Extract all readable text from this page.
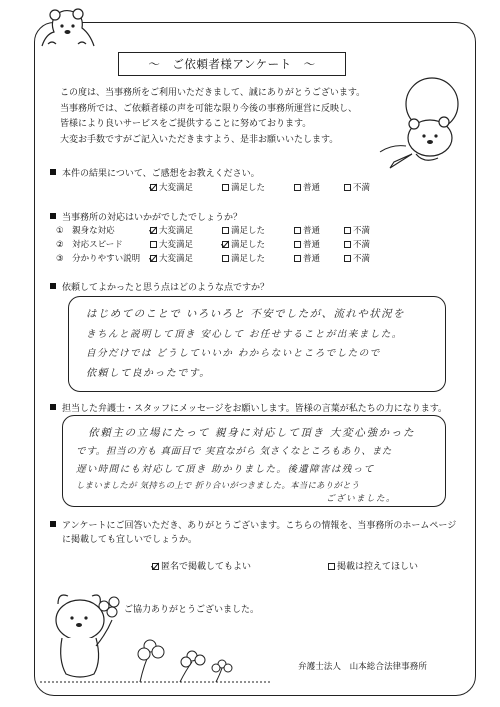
～　ご依頼者様アンケート　～
この度は、当事務所をご利用いただきまして、誠にありがとうございます。
当事務所では、ご依頼者様の声を可能な限り今後の事務所運営に反映し、
皆様により良いサービスをご提供することに努めております。
大変お手数ですがご記入いただきますよう、是非お願いいたします。
本件の結果について、ご感想をお教えください。
大変満足	満足した	普通	不満
当事務所の対応はいかがでしたでしょうか？
①　 親身な対応	大変満足	満足した	普通	不満
②　 対応スピード	大変満足	満足した	普通	不満
③　 分かりやすい説明	大変満足	満足した	普通	不満
依頼してよかったと思う点はどのような点ですか？
はじめてのことで いろいろと 不安でしたが、流れや状況を
きちんと説明して頂き 安心して お任せすることが出来ました。
自分だけでは どうしていいか わからないところでしたので
依頼して良かったです。
担当した弁護士・スタッフにメッセージをお願いします。皆様の言葉が私たちの力になります。
依頼主の立場にたって 親身に対応して頂き 大変心強かった
です。担当の方も 真面目で 実直ながら 気さくなところもあり、また
遅い時間にも対応して頂き 助かりました。後遺障害は残って
しまいましたが 気持ちの上で 折り合いがつきました。本当にありがとう
ございました。
アンケートにご回答いただき、ありがとうございます。こちらの情報を、当事務所のホームページ
に掲載しても宜しいでしょうか。
匿名で掲載してもよい	掲載は控えてほしい
ご協力ありがとうございました。
弁護士法人　山本総合法律事務所
